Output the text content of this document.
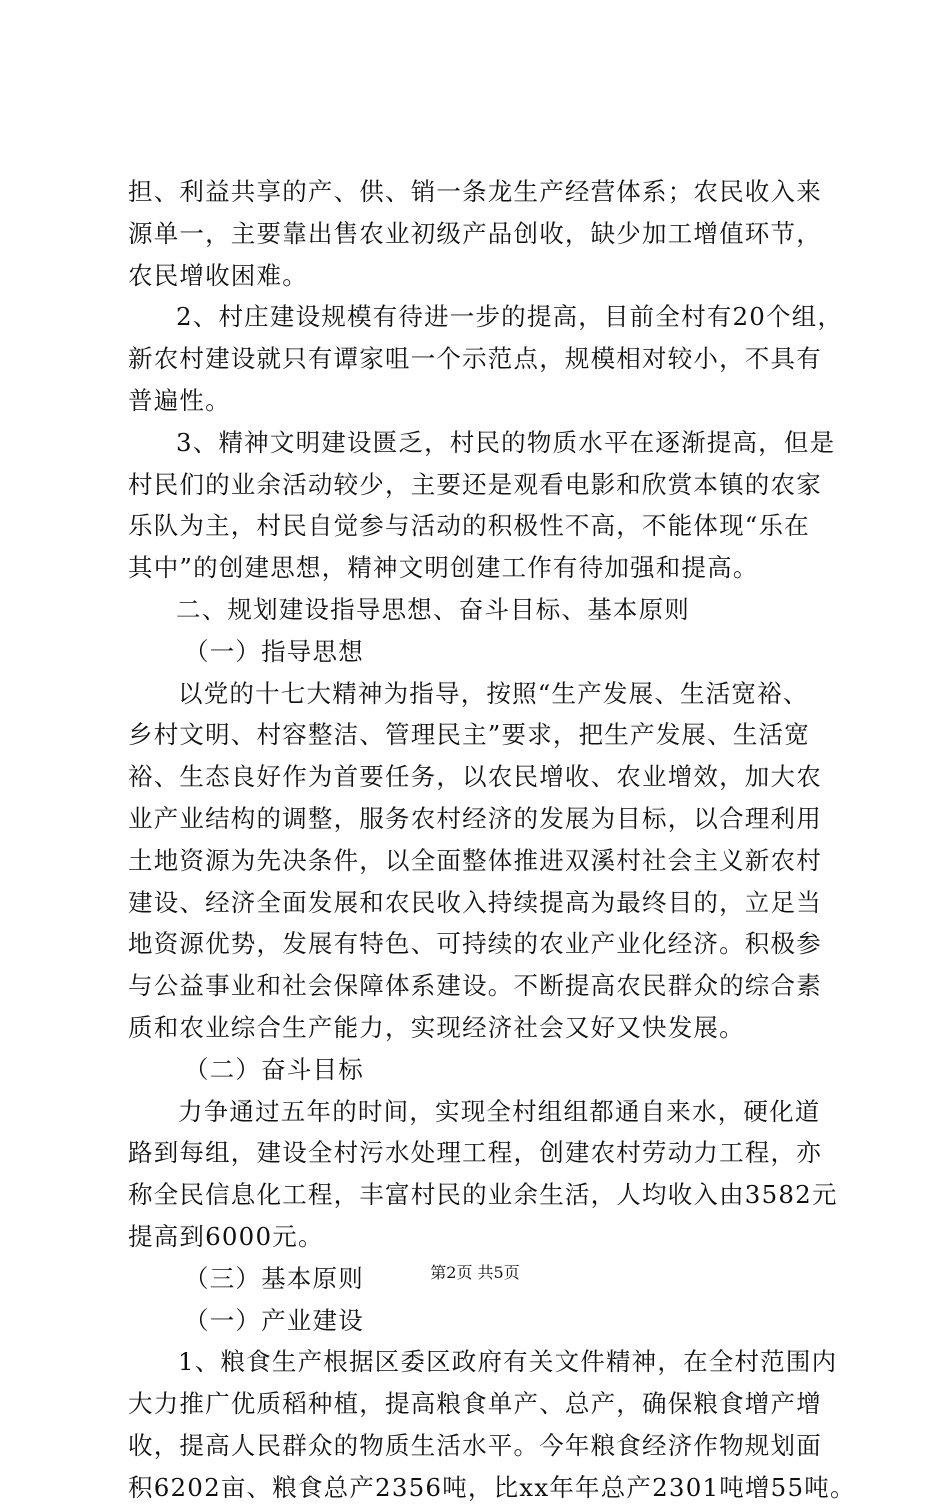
担、利益共享的产、供、销一条龙生产经营体系；农民收入来
源单一，主要靠出售农业初级产品创收，缺少加工增值环节，
农民增收困难。
2、村庄建设规模有待进一步的提高，目前全村有20个组，
新农村建设就只有谭家咀一个示范点，规模相对较小，不具有
普遍性。
3、精神文明建设匮乏，村民的物质水平在逐渐提高，但是
村民们的业余活动较少，主要还是观看电影和欣赏本镇的农家
乐队为主，村民自觉参与活动的积极性不高，不能体现“乐在
其中”的创建思想，精神文明创建工作有待加强和提高。
二、规划建设指导思想、奋斗目标、基本原则
（一）指导思想
以党的十七大精神为指导，按照“生产发展、生活宽裕、
乡村文明、村容整洁、管理民主”要求，把生产发展、生活宽
裕、生态良好作为首要任务，以农民增收、农业增效，加大农
业产业结构的调整，服务农村经济的发展为目标，以合理利用
土地资源为先决条件，以全面整体推进双溪村社会主义新农村
建设、经济全面发展和农民收入持续提高为最终目的，立足当
地资源优势，发展有特色、可持续的农业产业化经济。积极参
与公益事业和社会保障体系建设。不断提高农民群众的综合素
质和农业综合生产能力，实现经济社会又好又快发展。
（二）奋斗目标
力争通过五年的时间，实现全村组组都通自来水，硬化道
路到每组，建设全村污水处理工程，创建农村劳动力工程，亦
称全民信息化工程，丰富村民的业余生活，人均收入由3582元
提高到6000元。
（三）基本原则
（一）产业建设
1、粮食生产根据区委区政府有关文件精神，在全村范围内
大力推广优质稻种植，提高粮食单产、总产，确保粮食增产增
收，提高人民群众的物质生活水平。今年粮食经济作物规划面
积6202亩、粮食总产2356吨，比xx年年总产2301吨增55吨。
第2页 共5页
